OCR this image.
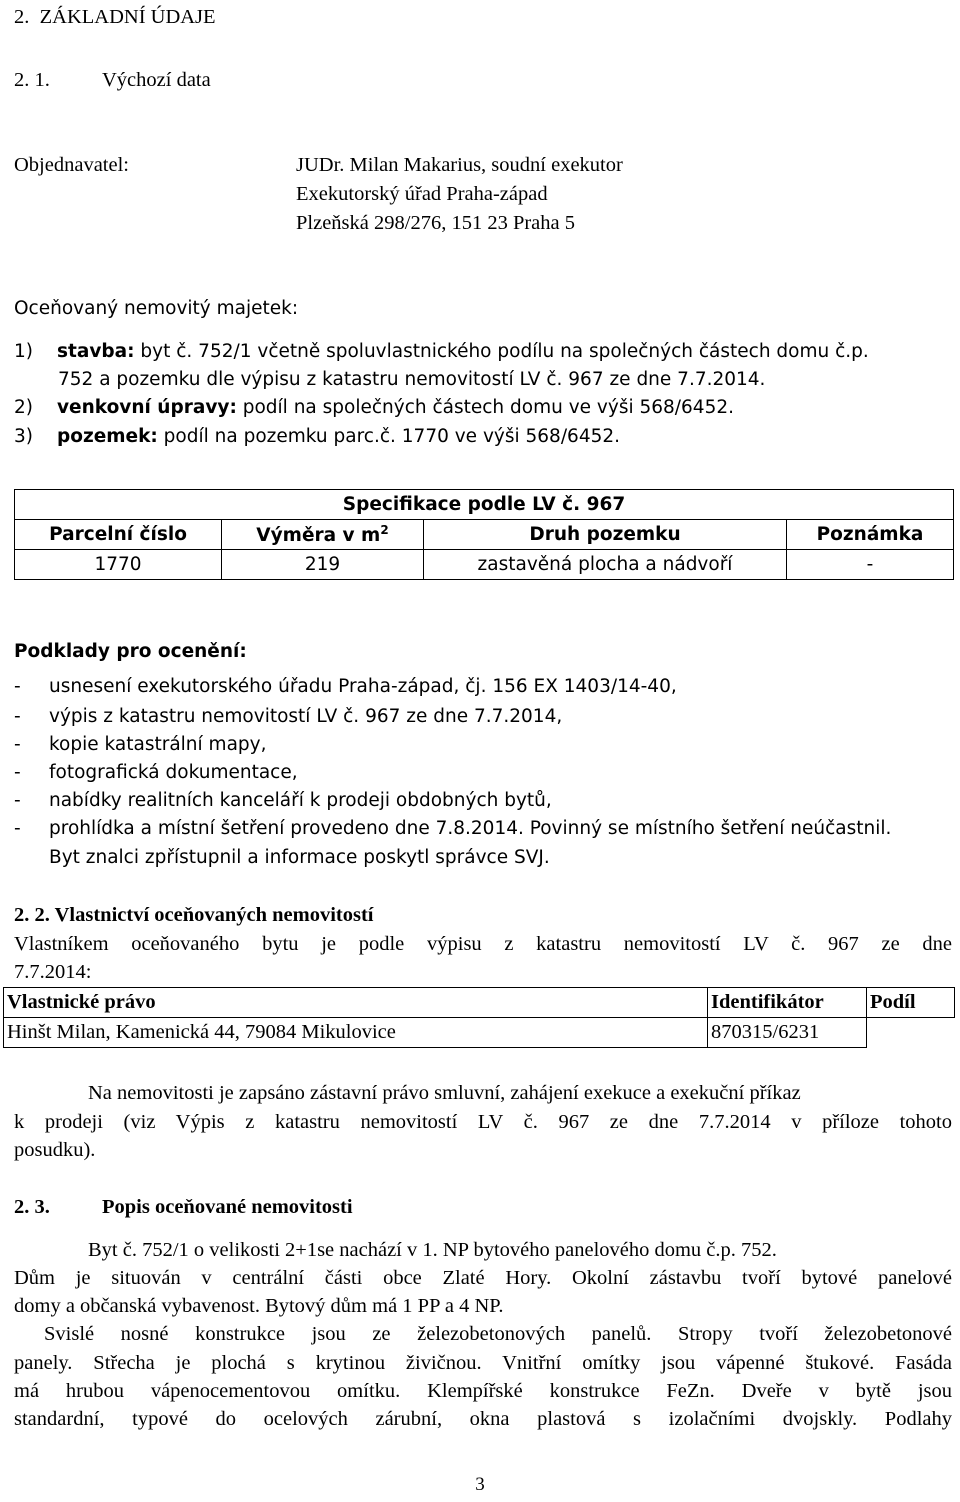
2. ZÁKLADNÍ ÚDAJE
2. 1.	Výchozí data
Objednavatel:	JUDr. Milan Makarius, soudní exekutor
Exekutorský úřad Praha-západ
Plzeňská 298/276, 151 23 Praha 5
Oceňovaný nemovitý majetek:
1) stavba: byt č. 752/1 včetně spoluvlastnického podílu na společných částech domu č.p.
752 a pozemku dle výpisu z katastru nemovitostí LV č. 967 ze dne 7.7.2014.
2) venkovní úpravy: podíl na společných částech domu ve výši 568/6452.
3) pozemek: podíl na pozemku parc.č. 1770 ve výši 568/6452.
Specifikace podle LV č. 967			
Parcelní číslo	Výměra v $m^2$	Druh pozemku	Poznámka
1770	219	zastavěná plocha a nádvoří	-
Podklady pro ocenění:
- usnesení exekutorského úřadu Praha-západ, čj. 156 EX 1403/14-40,
- výpis z katastru nemovitostí LV č. 967 ze dne 7.7.2014,
- kopie katastrální mapy,
- fotografická dokumentace,
- nabídky realitních kanceláří k prodeji obdobných bytů,
- prohlídka a místní šetření provedeno dne 7.8.2014. Povinný se místního šetření neúčastnil.
Byt znalci zpřístupnil a informace poskytl správce SVJ.
2. 2. Vlastnictví oceňovaných nemovitostí
Vlastníkem oceňovaného bytu je podle výpisu z katastru nemovitostí LV č. 967 ze dne
7.7.2014:
Vlastnické právo	Identifikátor	Podíl
Hinšt Milan, Kamenická 44, 79084 Mikulovice	870315/6231	
Na nemovitosti je zapsáno zástavní právo smluvní, zahájení exekuce a exekuční příkaz
k prodeji (viz Výpis z katastru nemovitostí LV č. 967 ze dne 7.7.2014 v příloze tohoto
posudku).
2. 3.	Popis oceňované nemovitosti
Byt č. 752/1 o velikosti 2+1se nachází v 1. NP bytového panelového domu č.p. 752.
Dům je situován v centrální části obce Zlaté Hory. Okolní zástavbu tvoří bytové panelové
domy a občanská vybavenost. Bytový dům má 1 PP a 4 NP.
Svislé nosné konstrukce jsou ze železobetonových panelů. Stropy tvoří železobetonové
panely. Střecha je plochá s krytinou živičnou. Vnitřní omítky jsou vápenné štukové. Fasáda
má hrubou vápenocementovou omítku. Klempířské konstrukce FeZn. Dveře v bytě jsou
standardní, typové do ocelových zárubní, okna plastová s izolačními dvojskly. Podlahy
3
